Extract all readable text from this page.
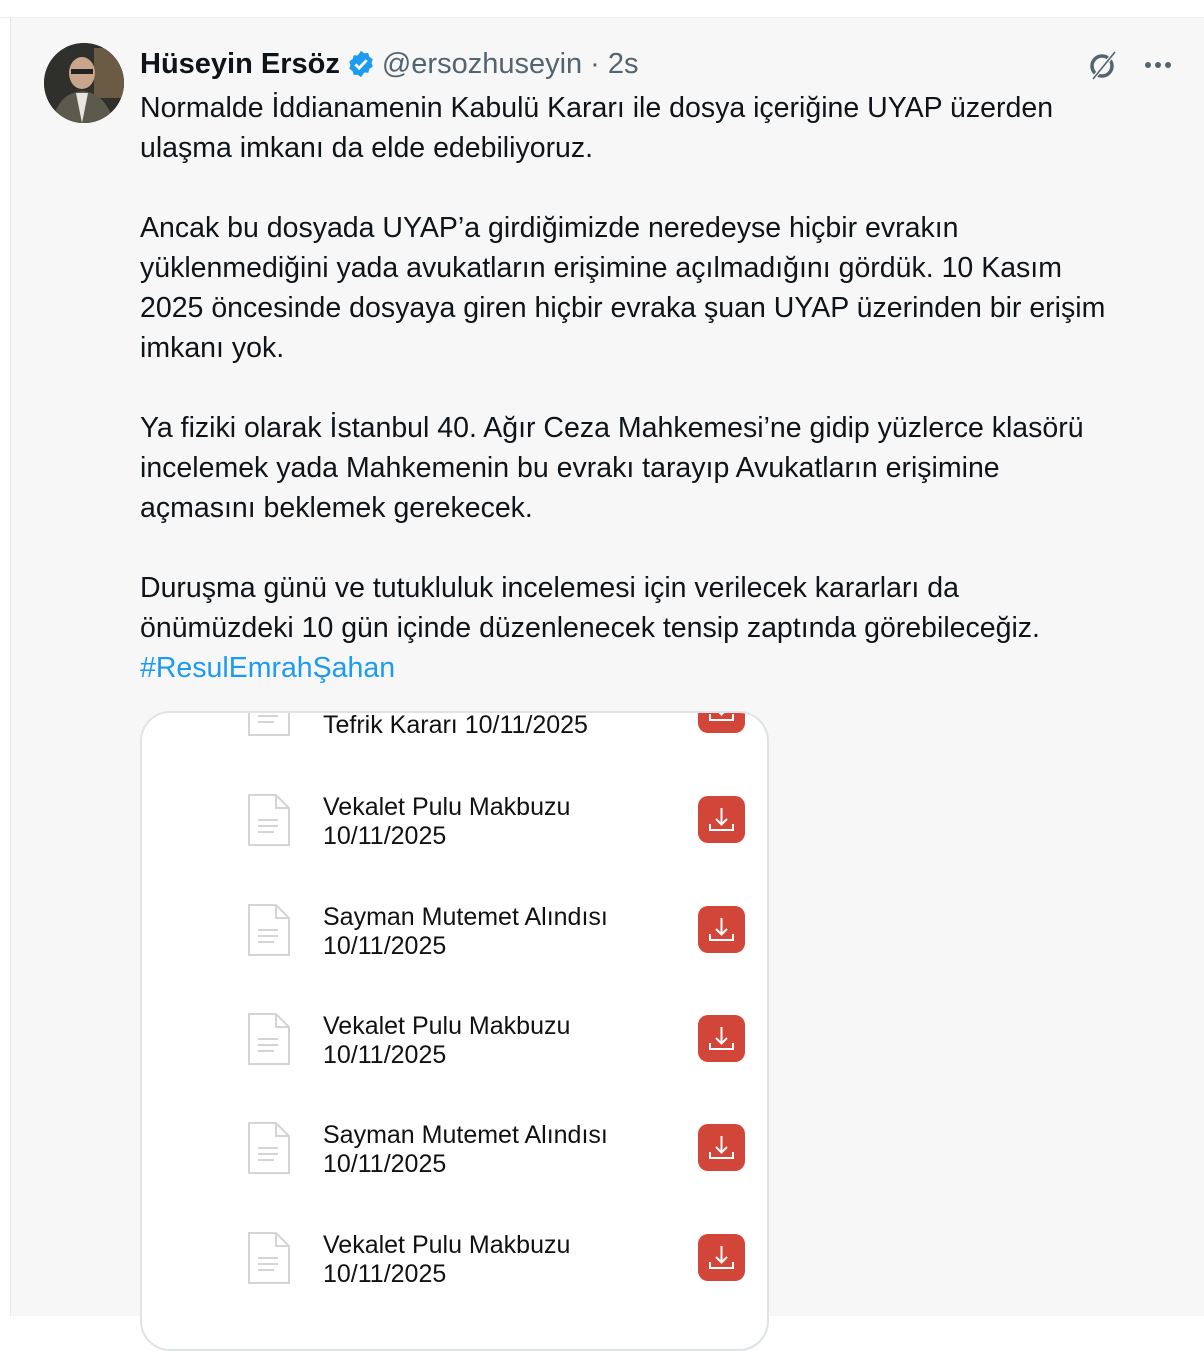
Hüseyin Ersöz @ersozhuseyin · 2s
Normalde İddianamenin Kabulü Kararı ile dosya içeriğine UYAP üzerden
ulaşma imkanı da elde edebiliyoruz.
Ancak bu dosyada UYAP’a girdiğimizde neredeyse hiçbir evrakın
yüklenmediğini yada avukatların erişimine açılmadığını gördük. 10 Kasım
2025 öncesinde dosyaya giren hiçbir evraka şuan UYAP üzerinden bir erişim
imkanı yok.
Ya fiziki olarak İstanbul 40. Ağır Ceza Mahkemesi’ne gidip yüzlerce klasörü
incelemek yada Mahkemenin bu evrakı tarayıp Avukatların erişimine
açmasını beklemek gerekecek.
Duruşma günü ve tutukluluk incelemesi için verilecek kararları da
önümüzdeki 10 gün içinde düzenlenecek tensip zaptında görebileceğiz.
#ResulEmrahŞahan
Tefrik Kararı 10/11/2025
Vekalet Pulu Makbuzu
10/11/2025
Sayman Mutemet Alındısı
10/11/2025
Vekalet Pulu Makbuzu
10/11/2025
Sayman Mutemet Alındısı
10/11/2025
Vekalet Pulu Makbuzu
10/11/2025
